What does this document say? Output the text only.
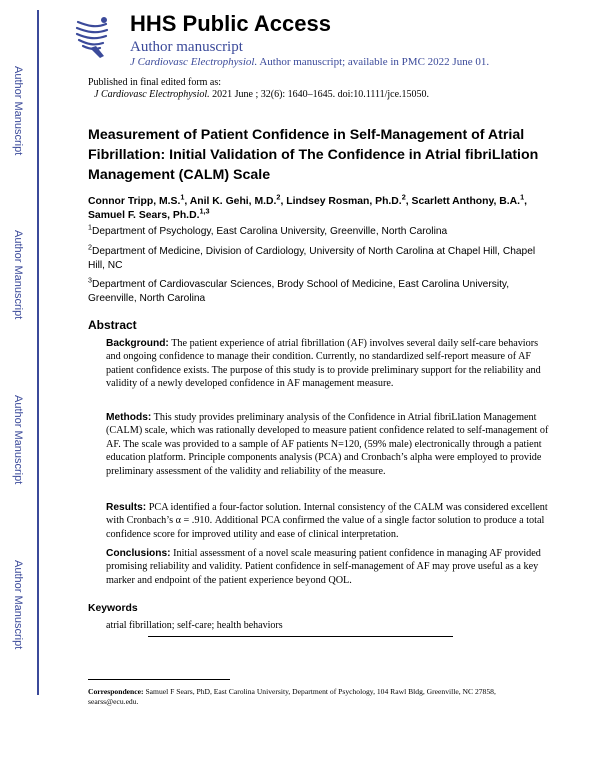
Author Manuscript
Author Manuscript
Author Manuscript
Author Manuscript
HHS Public Access
Author manuscript
J Cardiovasc Electrophysiol. Author manuscript; available in PMC 2022 June 01.
Published in final edited form as:
J Cardiovasc Electrophysiol. 2021 June ; 32(6): 1640–1645. doi:10.1111/jce.15050.
Measurement of Patient Confidence in Self-Management of Atrial Fibrillation: Initial Validation of The Confidence in Atrial fibriLlation Management (CALM) Scale
Connor Tripp, M.S.$^1$, Anil K. Gehi, M.D.$^2$, Lindsey Rosman, Ph.D.$^2$, Scarlett Anthony, B.A.$^1$, Samuel F. Sears, Ph.D.$^{1,3}$
$^1$Department of Psychology, East Carolina University, Greenville, North Carolina
$^2$Department of Medicine, Division of Cardiology, University of North Carolina at Chapel Hill, Chapel Hill, NC
$^3$Department of Cardiovascular Sciences, Brody School of Medicine, East Carolina University, Greenville, North Carolina
Abstract
Background: The patient experience of atrial fibrillation (AF) involves several daily self-care behaviors and ongoing confidence to manage their condition. Currently, no standardized self-report measure of AF patient confidence exists. The purpose of this study is to provide preliminary support for the reliability and validity of a newly developed confidence in AF management measure.
Methods: This study provides preliminary analysis of the Confidence in Atrial fibriLlation Management (CALM) scale, which was rationally developed to measure patient confidence related to self-management of AF. The scale was provided to a sample of AF patients N=120, (59% male) electronically through a patient education platform. Principle components analysis (PCA) and Cronbach’s alpha were employed to provide preliminary assessment of the validity and reliability of the measure.
Results: PCA identified a four-factor solution. Internal consistency of the CALM was considered excellent with Cronbach’s α = .910. Additional PCA confirmed the value of a single factor solution to produce a total confidence score for improved utility and ease of clinical interpretation.
Conclusions: Initial assessment of a novel scale measuring patient confidence in managing AF provided promising reliability and validity. Patient confidence in self-management of AF may prove useful as a key marker and endpoint of the patient experience beyond QOL.
Keywords
atrial fibrillation; self-care; health behaviors
Correspondence: Samuel F Sears, PhD, East Carolina University, Department of Psychology, 104 Rawl Bldg, Greenville, NC 27858, searss@ecu.edu.
